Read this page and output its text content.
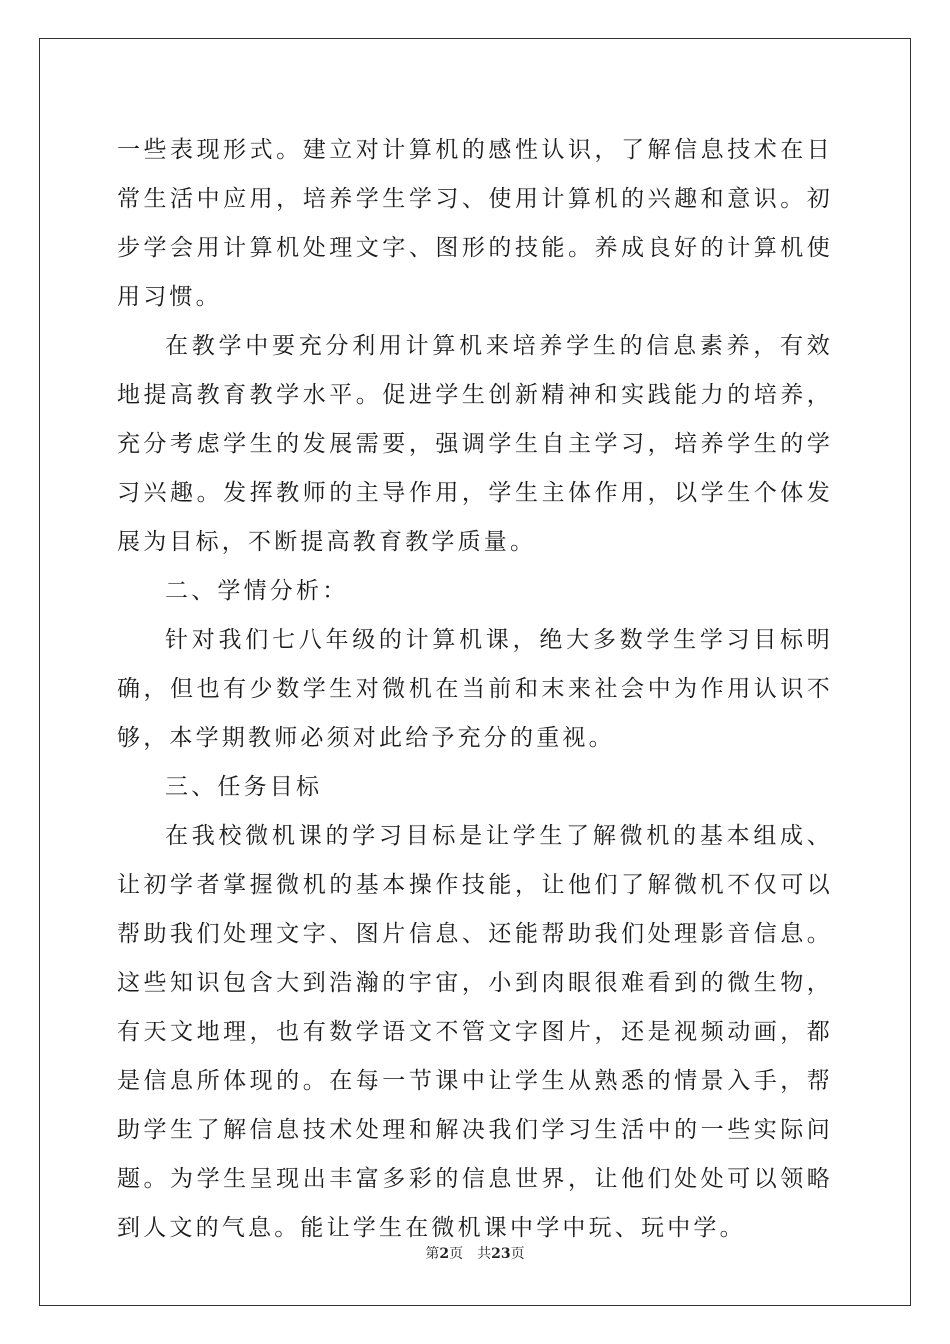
一些表现形式。建立对计算机的感性认识，了解信息技术在日常生活中应用，培养学生学习、使用计算机的兴趣和意识。初步学会用计算机处理文字、图形的技能。养成良好的计算机使用习惯。

在教学中要充分利用计算机来培养学生的信息素养，有效地提高教育教学水平。促进学生创新精神和实践能力的培养，充分考虑学生的发展需要，强调学生自主学习，培养学生的学习兴趣。发挥教师的主导作用，学生主体作用，以学生个体发展为目标，不断提高教育教学质量。

二、学情分析：

针对我们七八年级的计算机课，绝大多数学生学习目标明确，但也有少数学生对微机在当前和末来社会中为作用认识不够，本学期教师必须对此给予充分的重视。

三、任务目标

在我校微机课的学习目标是让学生了解微机的基本组成、让初学者掌握微机的基本操作技能，让他们了解微机不仅可以帮助我们处理文字、图片信息、还能帮助我们处理影音信息。这些知识包含大到浩瀚的宇宙，小到肉眼很难看到的微生物，有天文地理，也有数学语文不管文字图片，还是视频动画，都是信息所体现的。在每一节课中让学生从熟悉的情景入手，帮助学生了解信息技术处理和解决我们学习生活中的一些实际问题。为学生呈现出丰富多彩的信息世界，让他们处处可以领略到人文的气息。能让学生在微机课中学中玩、玩中学。

第2页 共23页
